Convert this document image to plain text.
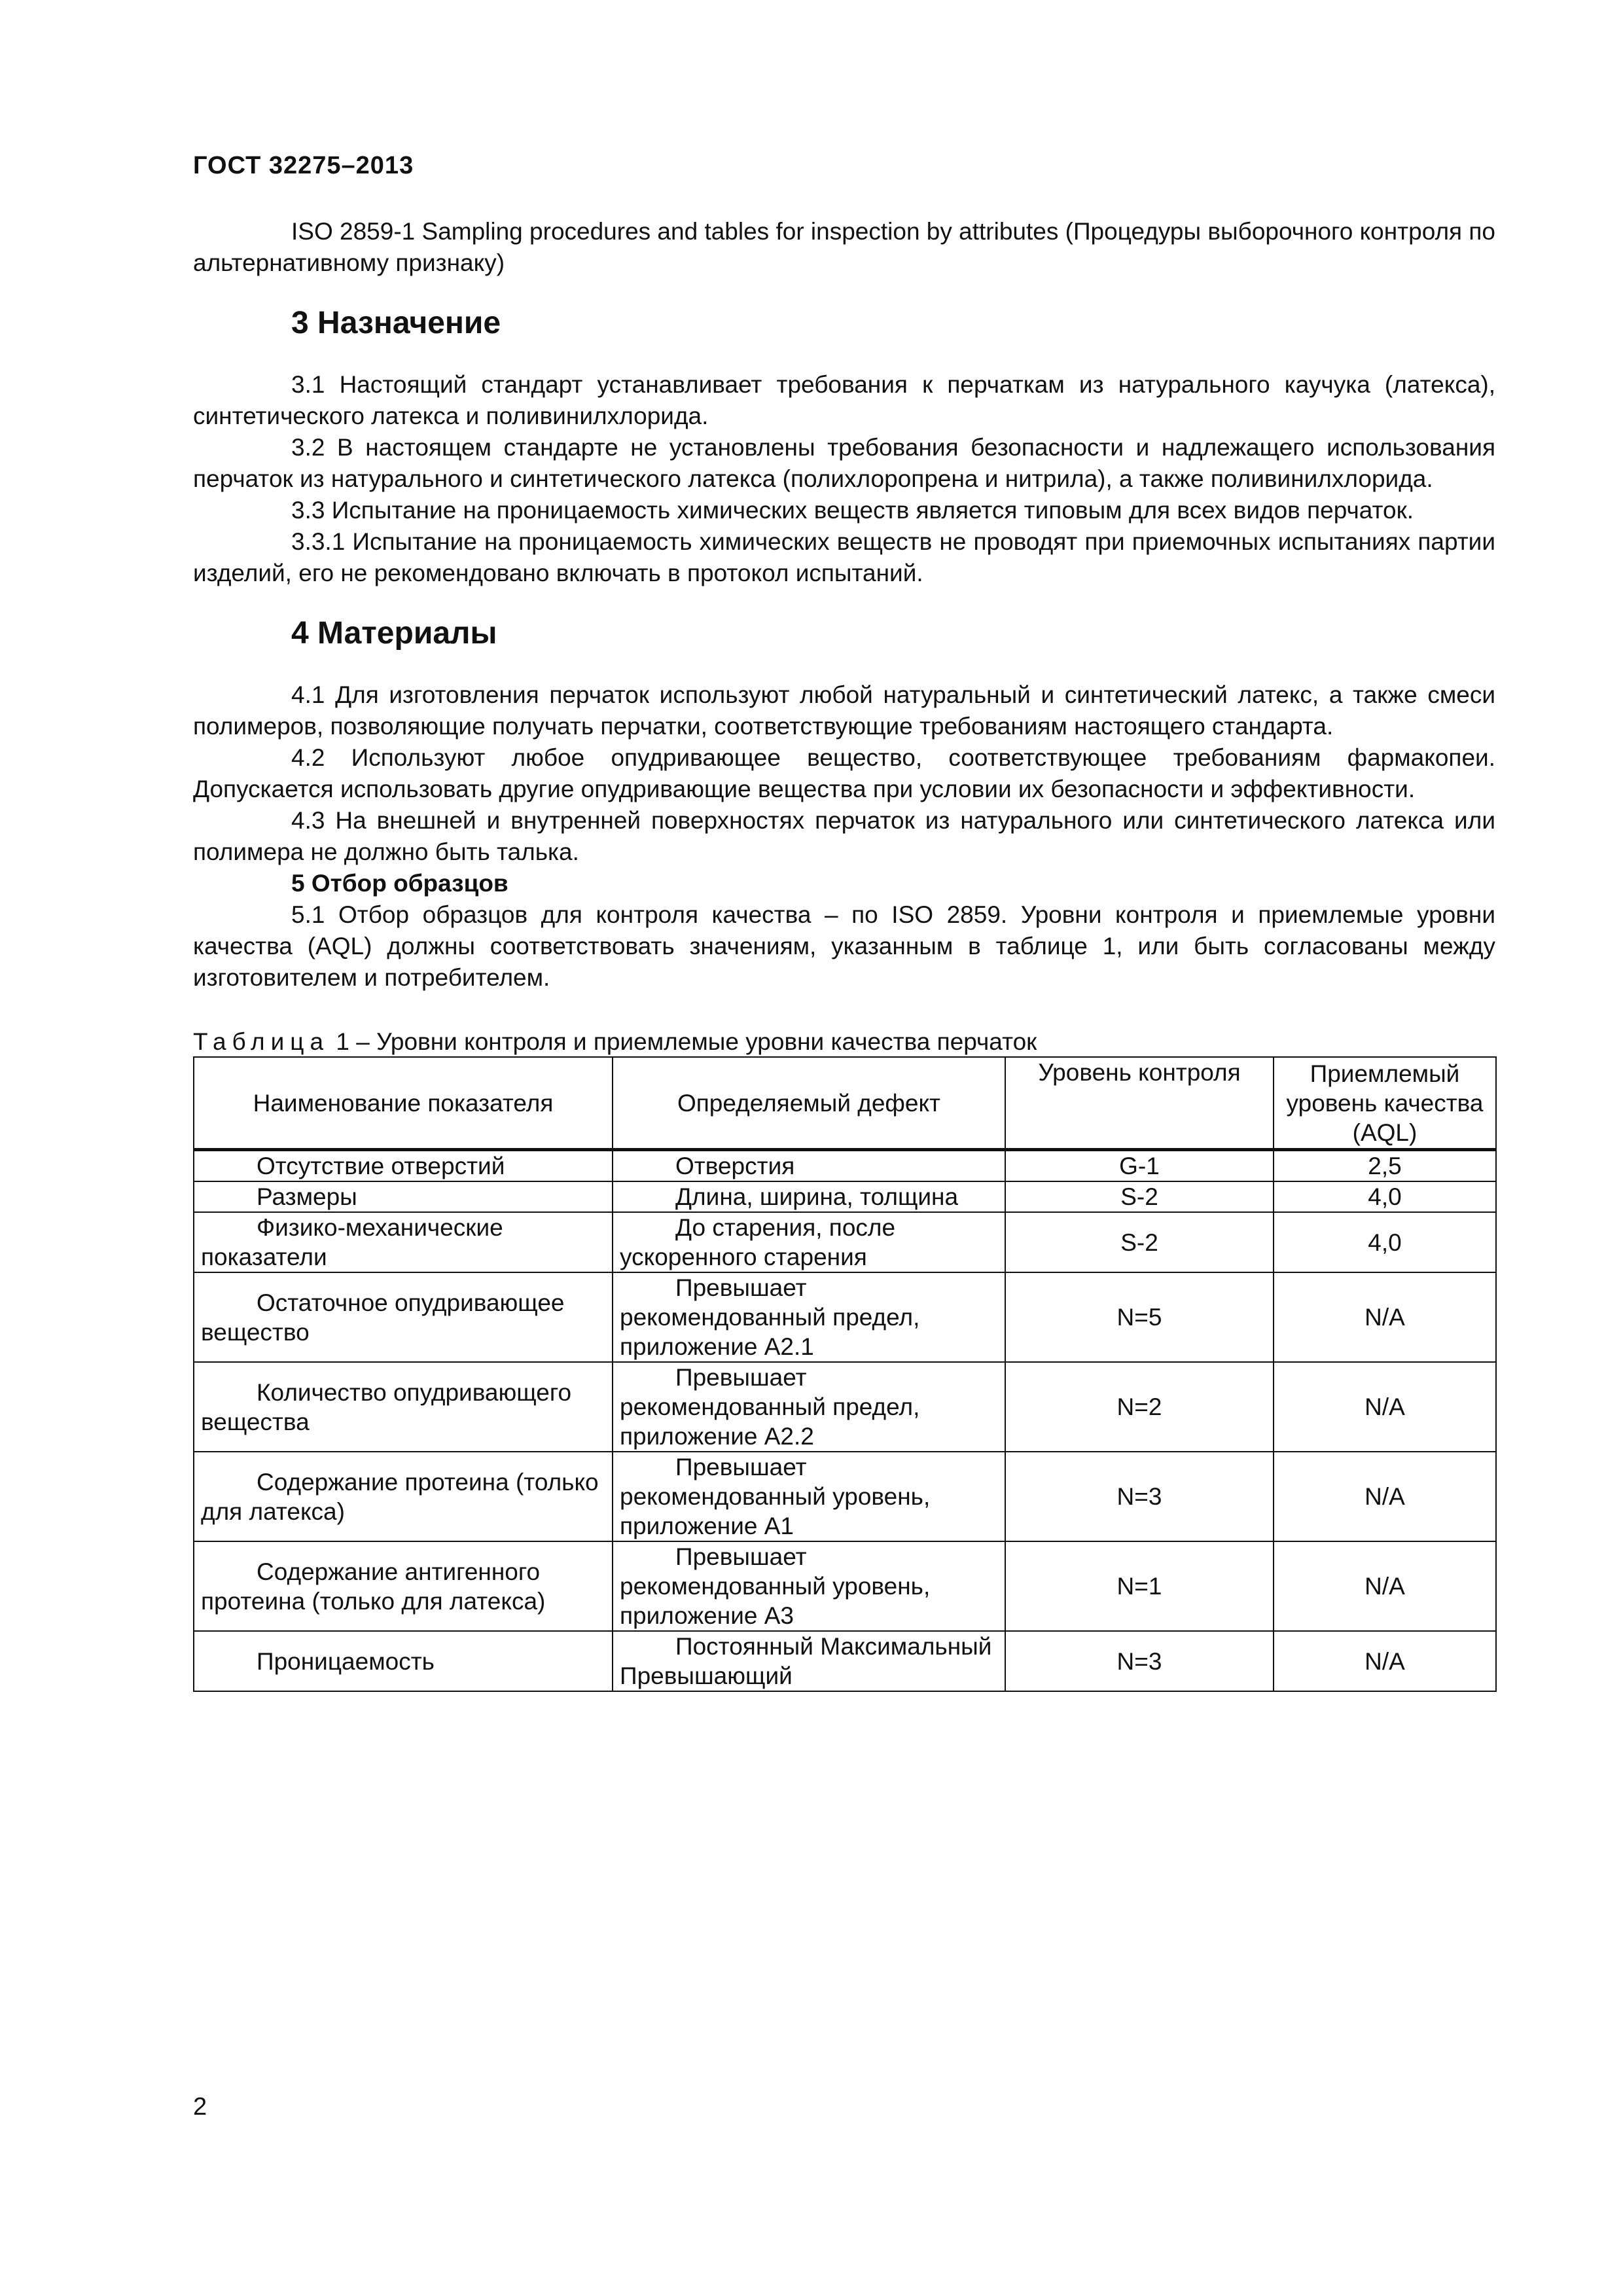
ГОСТ 32275–2013

ISO 2859-1 Sampling procedures and tables for inspection by attributes (Процедуры выборочного контроля по альтернативному признаку)

3 Назначение

3.1 Настоящий стандарт устанавливает требования к перчаткам из натурального каучука (латекса), синтетического латекса и поливинилхлорида.

3.2 В настоящем стандарте не установлены требования безопасности и надлежащего использования перчаток из натурального и синтетического латекса (полихлоропрена и нитрила), а также поливинилхлорида.

3.3 Испытание на проницаемость химических веществ является типовым для всех видов перчаток.

3.3.1 Испытание на проницаемость химических веществ не проводят при приемочных испытаниях партии изделий, его не рекомендовано включать в протокол испытаний.

4 Материалы

4.1 Для изготовления перчаток используют любой натуральный и синтетический латекс, а также смеси полимеров, позволяющие получать перчатки, соответствующие требованиям настоящего стандарта.

4.2 Используют любое опудривающее вещество, соответствующее требованиям фармакопеи. Допускается использовать другие опудривающие вещества при условии их безопасности и эффективности.

4.3 На внешней и внутренней поверхностях перчаток из натурального или синтетического латекса или полимера не должно быть талька.

5 Отбор образцов

5.1 Отбор образцов для контроля качества – по ISO 2859. Уровни контроля и приемлемые уровни качества (AQL) должны соответствовать значениям, указанным в таблице 1, или быть согласованы между изготовителем и потребителем.

Таблица 1 – Уровни контроля и приемлемые уровни качества перчаток
Наименование показателя	Определяемый дефект	Уровень контроля	Приемлемый уровень качества (AQL)
Отсутствие отверстий	Отверстия	G-1	2,5
Размеры	Длина, ширина, толщина	S-2	4,0
Физико-механические показатели	До старения, после ускоренного старения	S-2	4,0
Остаточное опудривающее вещество	Превышает рекомендованный предел, приложение А2.1	N=5	N/A
Количество опудривающего вещества	Превышает рекомендованный предел, приложение А2.2	N=2	N/A
Содержание протеина (только для латекса)	Превышает рекомендованный уровень, приложение А1	N=3	N/A
Содержание антигенного протеина (только для латекса)	Превышает рекомендованный уровень, приложение А3	N=1	N/A
Проницаемость	Постоянный Максимальный Превышающий	N=3	N/A
2
